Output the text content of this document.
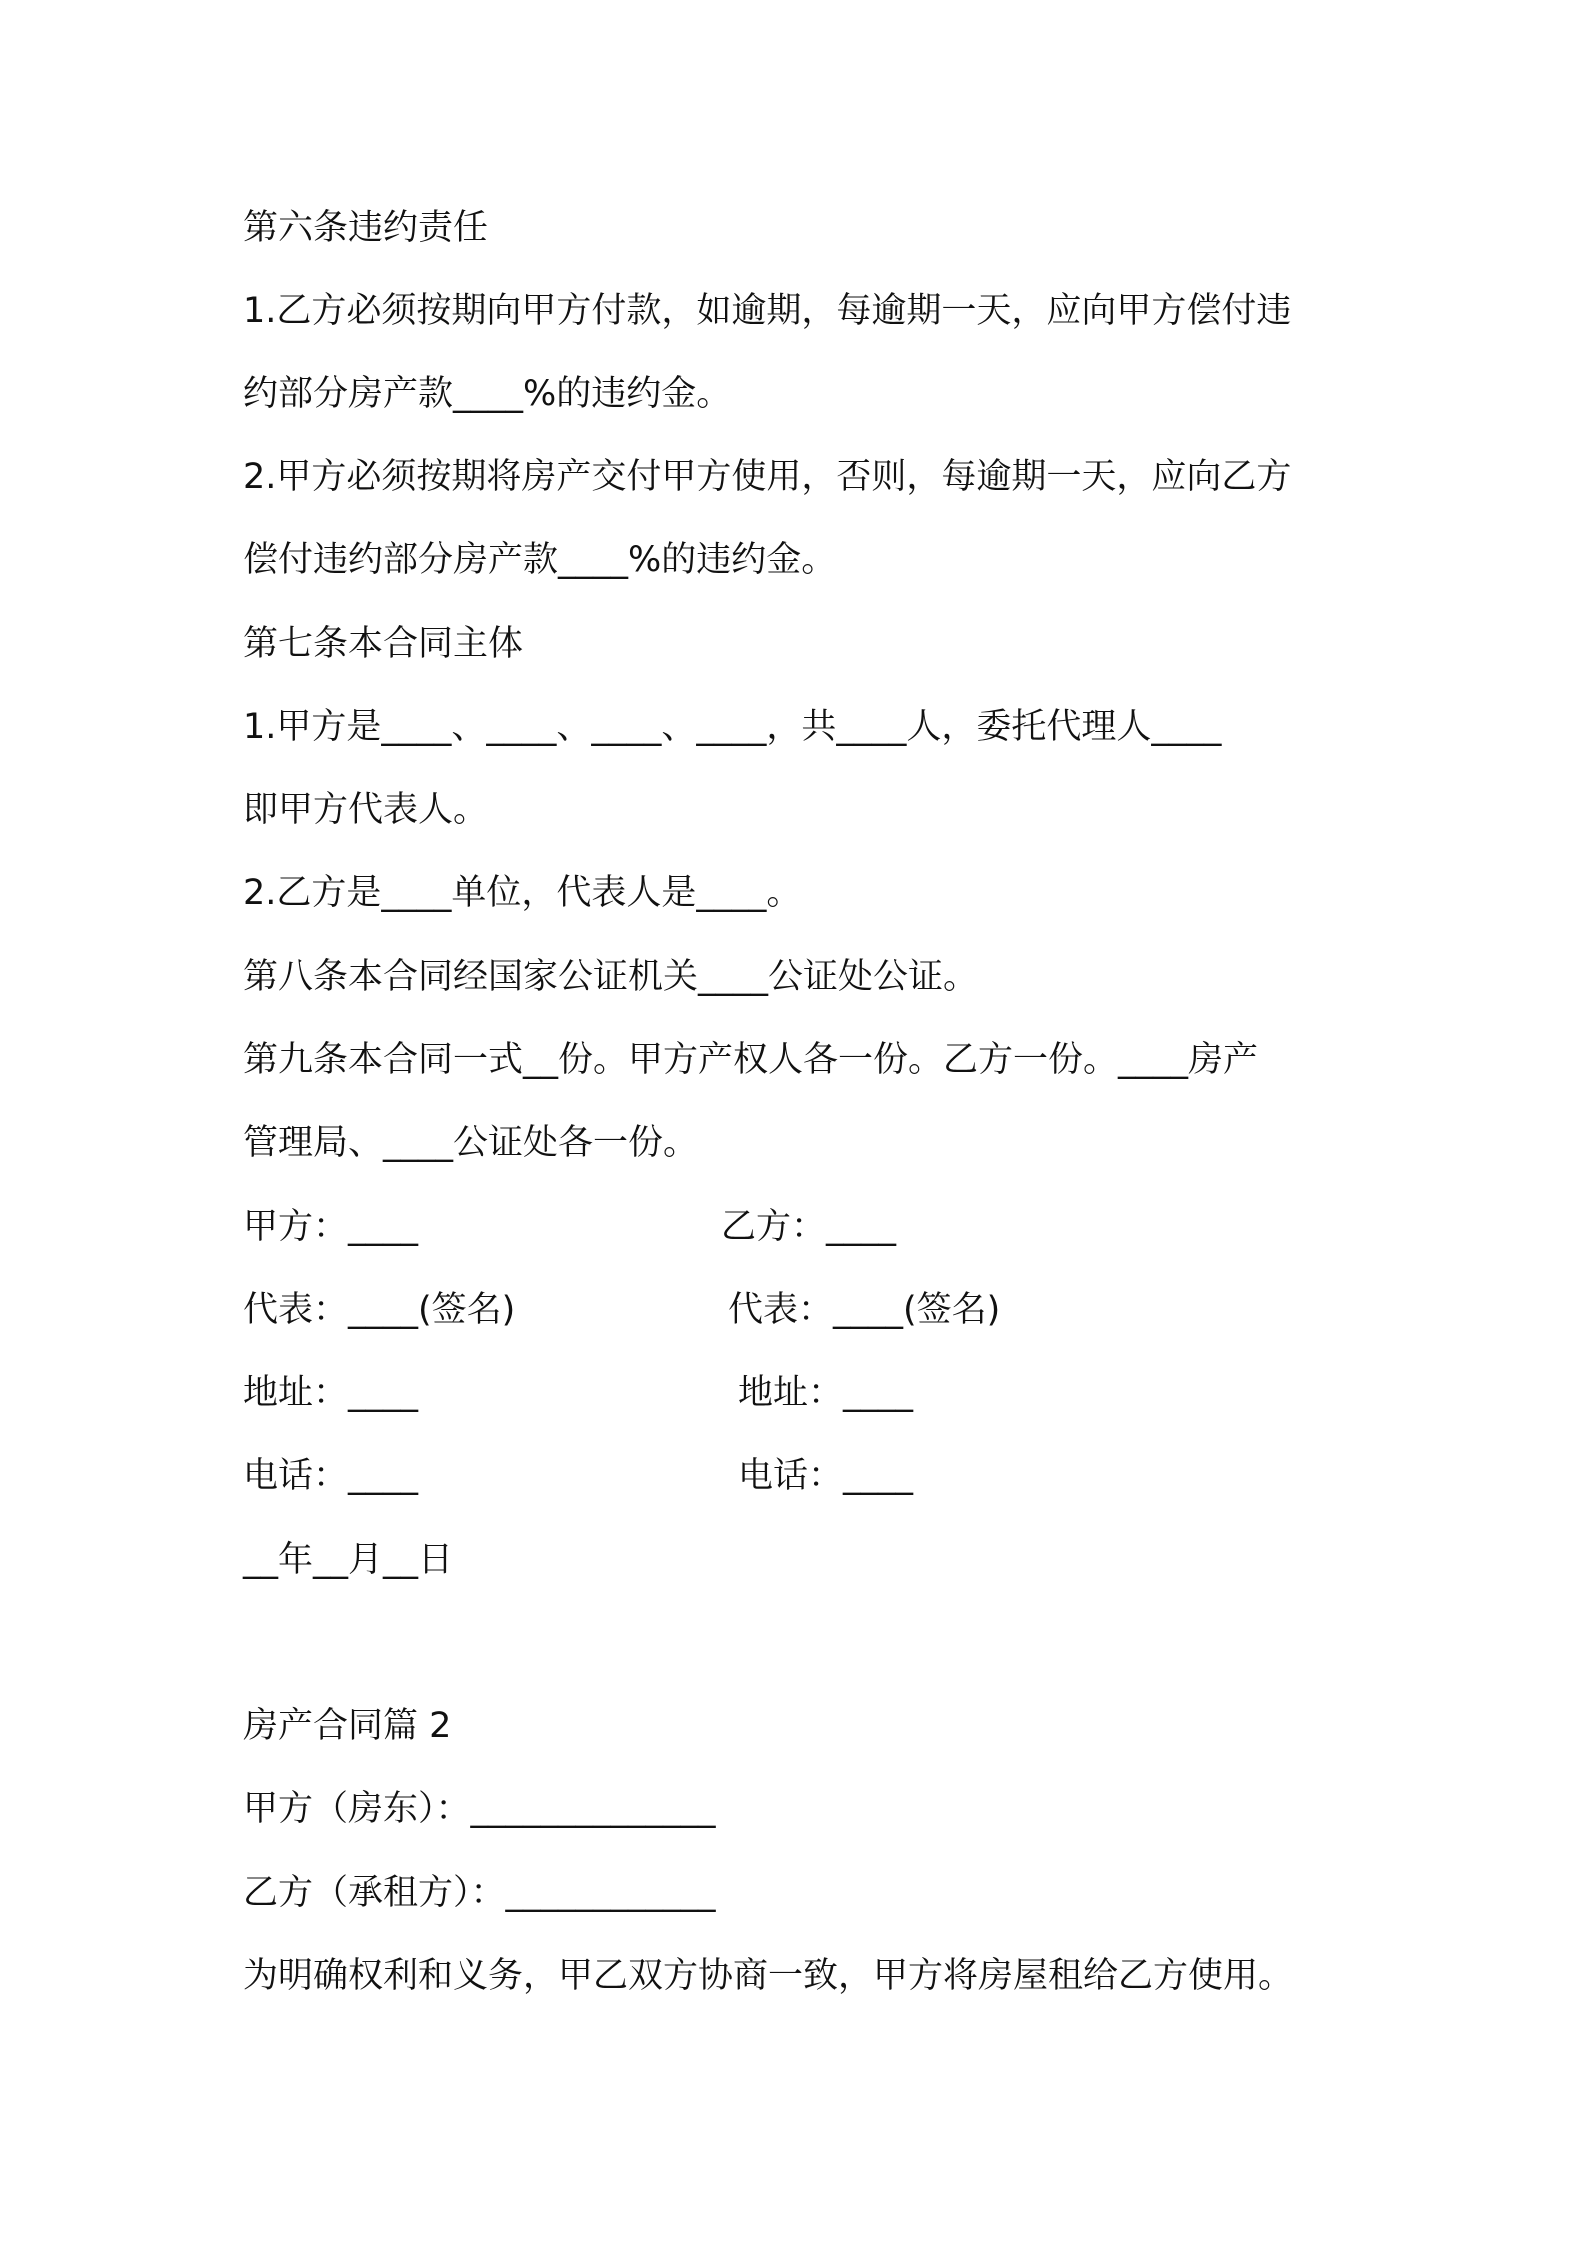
第六条违约责任
1.乙方必须按期向甲方付款，如逾期，每逾期一天，应向甲方偿付违
约部分房产款____%的违约金。
2.甲方必须按期将房产交付甲方使用，否则，每逾期一天，应向乙方
偿付违约部分房产款____%的违约金。
第七条本合同主体
1.甲方是____、____、____、____，共____人，委托代理人____
即甲方代表人。
2.乙方是____单位，代表人是____。
第八条本合同经国家公证机关____公证处公证。
第九条本合同一式__份。甲方产权人各一份。乙方一份。____房产
管理局、____公证处各一份。
甲方：____	乙方：____
代表：____(签名)	代表：____(签名)
地址：____	地址：____
电话：____	电话：____
__年__月__日
房产合同篇 2
甲方（房东）：______________
乙方（承租方）：____________
为明确权利和义务，甲乙双方协商一致，甲方将房屋租给乙方使用。
